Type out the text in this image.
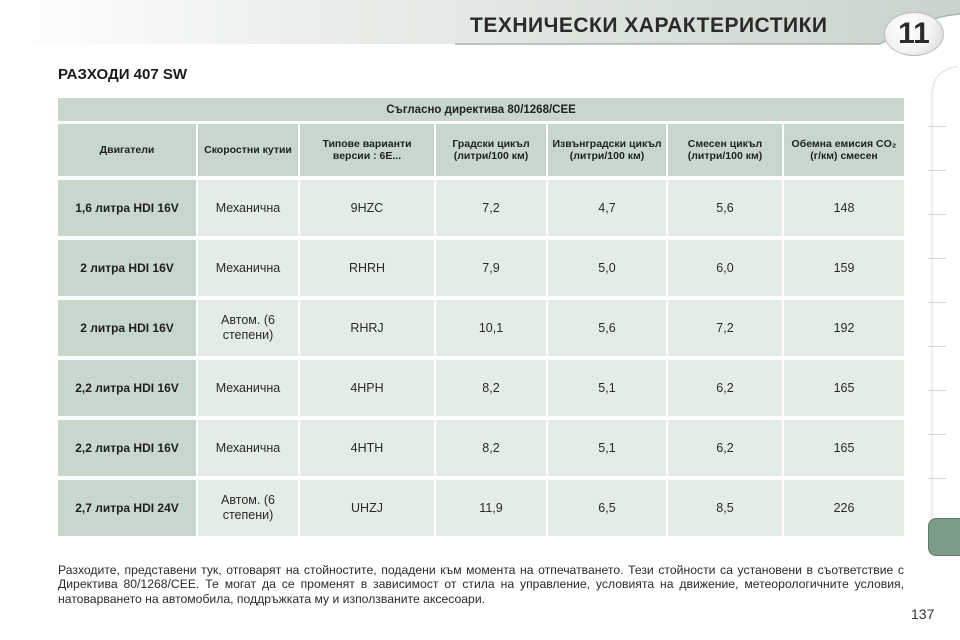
ТЕХНИЧЕСКИ ХАРАКТЕРИСТИКИ 11
РАЗХОДИ 407 SW
Съгласно директива 80/1268/CEE
Двигатели	Скоростни кутии	Типове варианти версии : 6E...	Градски цикъл (литри/100 км)	Извънградски цикъл (литри/100 км)	Смесен цикъл (литри/100 км)	Обемна емисия CO₂ (г/км) смесен
1,6 литра HDI 16V	Механична	9HZC	7,2	4,7	5,6	148
2 литра HDI 16V	Механична	RHRH	7,9	5,0	6,0	159
2 литра HDI 16V	Автом. (6 степени)	RHRJ	10,1	5,6	7,2	192
2,2 литра HDI 16V	Механична	4HPH	8,2	5,1	6,2	165
2,2 литра HDI 16V	Механична	4HTH	8,2	5,1	6,2	165
2,7 литра HDI 24V	Автом. (6 степени)	UHZJ	11,9	6,5	8,5	226
Разходите, представени тук, отговарят на стойностите, подадени към момента на отпечатването. Тези стойности са установени в съответствие с Директива 80/1268/CEE. Те могат да се променят в зависимост от стила на управление, условията на движение, метеорологичните условия, натоварването на автомобила, поддръжката му и използваните аксесоари.
137
